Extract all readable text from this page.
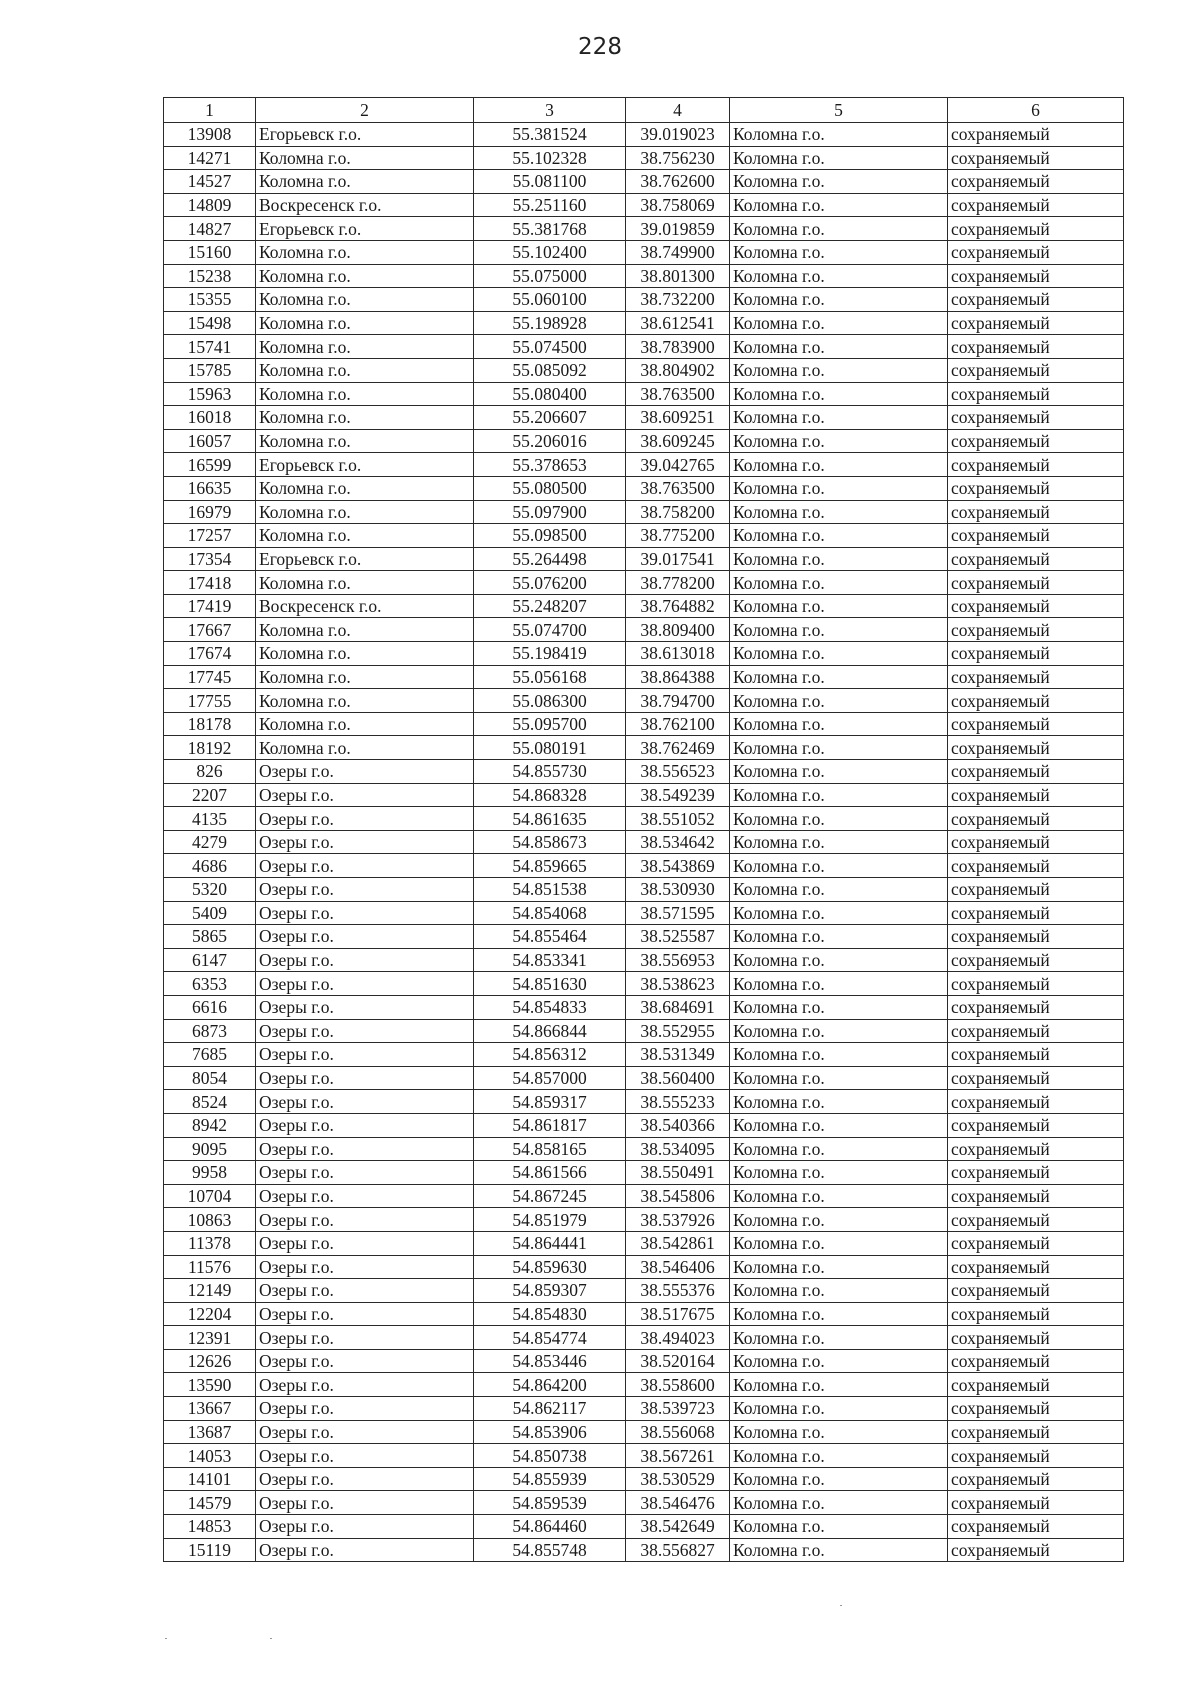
228
1	2	3	4	5	6
13908	Егорьевск г.о.	55.381524	39.019023	Коломна г.о.	сохраняемый
14271	Коломна г.о.	55.102328	38.756230	Коломна г.о.	сохраняемый
14527	Коломна г.о.	55.081100	38.762600	Коломна г.о.	сохраняемый
14809	Воскресенск г.о.	55.251160	38.758069	Коломна г.о.	сохраняемый
14827	Егорьевск г.о.	55.381768	39.019859	Коломна г.о.	сохраняемый
15160	Коломна г.о.	55.102400	38.749900	Коломна г.о.	сохраняемый
15238	Коломна г.о.	55.075000	38.801300	Коломна г.о.	сохраняемый
15355	Коломна г.о.	55.060100	38.732200	Коломна г.о.	сохраняемый
15498	Коломна г.о.	55.198928	38.612541	Коломна г.о.	сохраняемый
15741	Коломна г.о.	55.074500	38.783900	Коломна г.о.	сохраняемый
15785	Коломна г.о.	55.085092	38.804902	Коломна г.о.	сохраняемый
15963	Коломна г.о.	55.080400	38.763500	Коломна г.о.	сохраняемый
16018	Коломна г.о.	55.206607	38.609251	Коломна г.о.	сохраняемый
16057	Коломна г.о.	55.206016	38.609245	Коломна г.о.	сохраняемый
16599	Егорьевск г.о.	55.378653	39.042765	Коломна г.о.	сохраняемый
16635	Коломна г.о.	55.080500	38.763500	Коломна г.о.	сохраняемый
16979	Коломна г.о.	55.097900	38.758200	Коломна г.о.	сохраняемый
17257	Коломна г.о.	55.098500	38.775200	Коломна г.о.	сохраняемый
17354	Егорьевск г.о.	55.264498	39.017541	Коломна г.о.	сохраняемый
17418	Коломна г.о.	55.076200	38.778200	Коломна г.о.	сохраняемый
17419	Воскресенск г.о.	55.248207	38.764882	Коломна г.о.	сохраняемый
17667	Коломна г.о.	55.074700	38.809400	Коломна г.о.	сохраняемый
17674	Коломна г.о.	55.198419	38.613018	Коломна г.о.	сохраняемый
17745	Коломна г.о.	55.056168	38.864388	Коломна г.о.	сохраняемый
17755	Коломна г.о.	55.086300	38.794700	Коломна г.о.	сохраняемый
18178	Коломна г.о.	55.095700	38.762100	Коломна г.о.	сохраняемый
18192	Коломна г.о.	55.080191	38.762469	Коломна г.о.	сохраняемый
826	Озеры г.о.	54.855730	38.556523	Коломна г.о.	сохраняемый
2207	Озеры г.о.	54.868328	38.549239	Коломна г.о.	сохраняемый
4135	Озеры г.о.	54.861635	38.551052	Коломна г.о.	сохраняемый
4279	Озеры г.о.	54.858673	38.534642	Коломна г.о.	сохраняемый
4686	Озеры г.о.	54.859665	38.543869	Коломна г.о.	сохраняемый
5320	Озеры г.о.	54.851538	38.530930	Коломна г.о.	сохраняемый
5409	Озеры г.о.	54.854068	38.571595	Коломна г.о.	сохраняемый
5865	Озеры г.о.	54.855464	38.525587	Коломна г.о.	сохраняемый
6147	Озеры г.о.	54.853341	38.556953	Коломна г.о.	сохраняемый
6353	Озеры г.о.	54.851630	38.538623	Коломна г.о.	сохраняемый
6616	Озеры г.о.	54.854833	38.684691	Коломна г.о.	сохраняемый
6873	Озеры г.о.	54.866844	38.552955	Коломна г.о.	сохраняемый
7685	Озеры г.о.	54.856312	38.531349	Коломна г.о.	сохраняемый
8054	Озеры г.о.	54.857000	38.560400	Коломна г.о.	сохраняемый
8524	Озеры г.о.	54.859317	38.555233	Коломна г.о.	сохраняемый
8942	Озеры г.о.	54.861817	38.540366	Коломна г.о.	сохраняемый
9095	Озеры г.о.	54.858165	38.534095	Коломна г.о.	сохраняемый
9958	Озеры г.о.	54.861566	38.550491	Коломна г.о.	сохраняемый
10704	Озеры г.о.	54.867245	38.545806	Коломна г.о.	сохраняемый
10863	Озеры г.о.	54.851979	38.537926	Коломна г.о.	сохраняемый
11378	Озеры г.о.	54.864441	38.542861	Коломна г.о.	сохраняемый
11576	Озеры г.о.	54.859630	38.546406	Коломна г.о.	сохраняемый
12149	Озеры г.о.	54.859307	38.555376	Коломна г.о.	сохраняемый
12204	Озеры г.о.	54.854830	38.517675	Коломна г.о.	сохраняемый
12391	Озеры г.о.	54.854774	38.494023	Коломна г.о.	сохраняемый
12626	Озеры г.о.	54.853446	38.520164	Коломна г.о.	сохраняемый
13590	Озеры г.о.	54.864200	38.558600	Коломна г.о.	сохраняемый
13667	Озеры г.о.	54.862117	38.539723	Коломна г.о.	сохраняемый
13687	Озеры г.о.	54.853906	38.556068	Коломна г.о.	сохраняемый
14053	Озеры г.о.	54.850738	38.567261	Коломна г.о.	сохраняемый
14101	Озеры г.о.	54.855939	38.530529	Коломна г.о.	сохраняемый
14579	Озеры г.о.	54.859539	38.546476	Коломна г.о.	сохраняемый
14853	Озеры г.о.	54.864460	38.542649	Коломна г.о.	сохраняемый
15119	Озеры г.о.	54.855748	38.556827	Коломна г.о.	сохраняемый
